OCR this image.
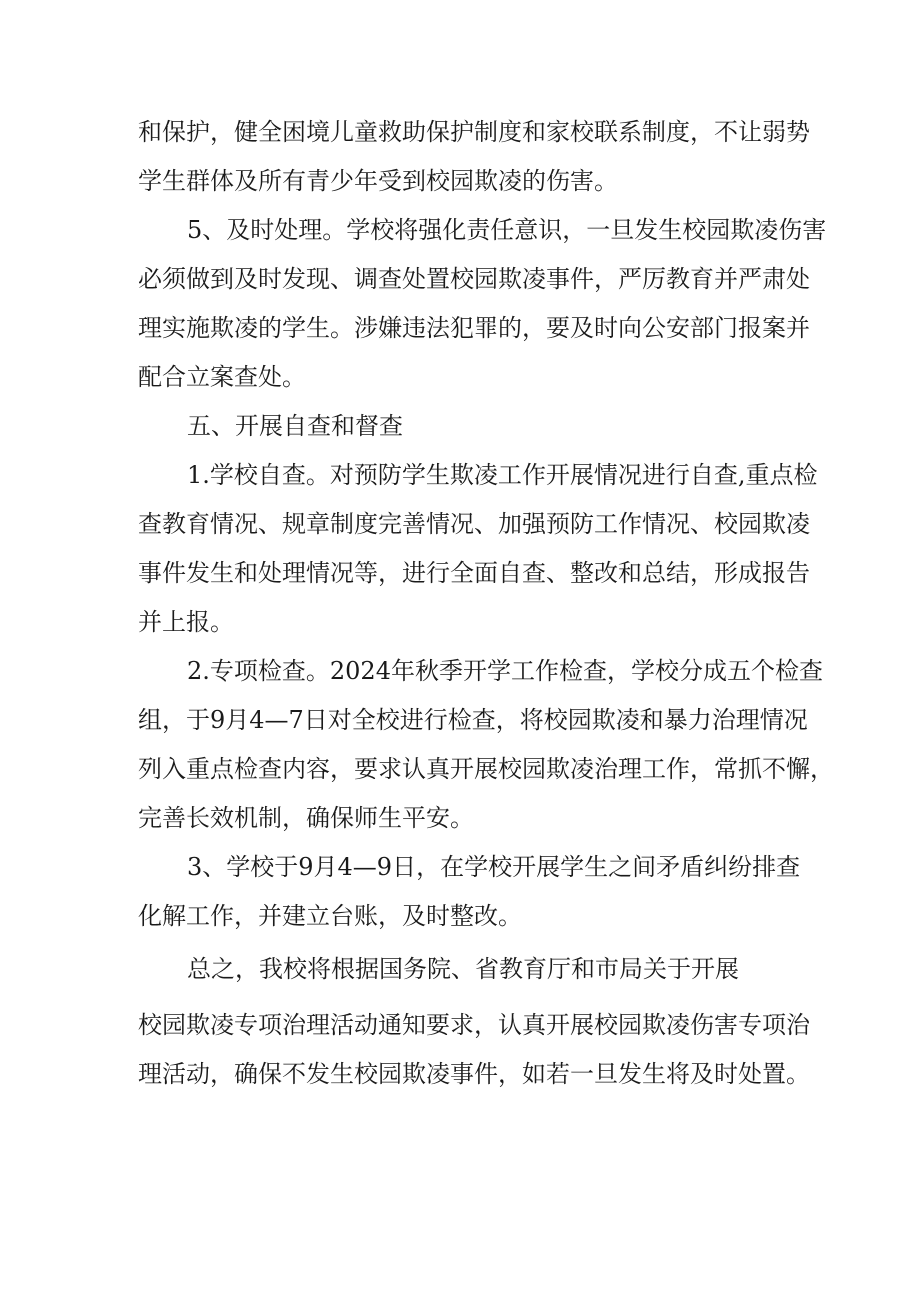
和保护，健全困境儿童救助保护制度和家校联系制度，不让弱势
学生群体及所有青少年受到校园欺凌的伤害。
5、及时处理。学校将强化责任意识，一旦发生校园欺凌伤害
必须做到及时发现、调查处置校园欺凌事件，严厉教育并严肃处
理实施欺凌的学生。涉嫌违法犯罪的，要及时向公安部门报案并
配合立案查处。
五、开展自查和督查
1.学校自查。对预防学生欺凌工作开展情况进行自查,重点检
查教育情况、规章制度完善情况、加强预防工作情况、校园欺凌
事件发生和处理情况等，进行全面自查、整改和总结，形成报告
并上报。
2.专项检查。2024年秋季开学工作检查，学校分成五个检查
组，于9月4—7日对全校进行检查，将校园欺凌和暴力治理情况
列入重点检查内容，要求认真开展校园欺凌治理工作，常抓不懈，
完善长效机制，确保师生平安。
3、学校于9月4—9日，在学校开展学生之间矛盾纠纷排查
化解工作，并建立台账，及时整改。
总之，我校将根据国务院、省教育厅和市局关于开展
校园欺凌专项治理活动通知要求，认真开展校园欺凌伤害专项治
理活动，确保不发生校园欺凌事件，如若一旦发生将及时处置。
